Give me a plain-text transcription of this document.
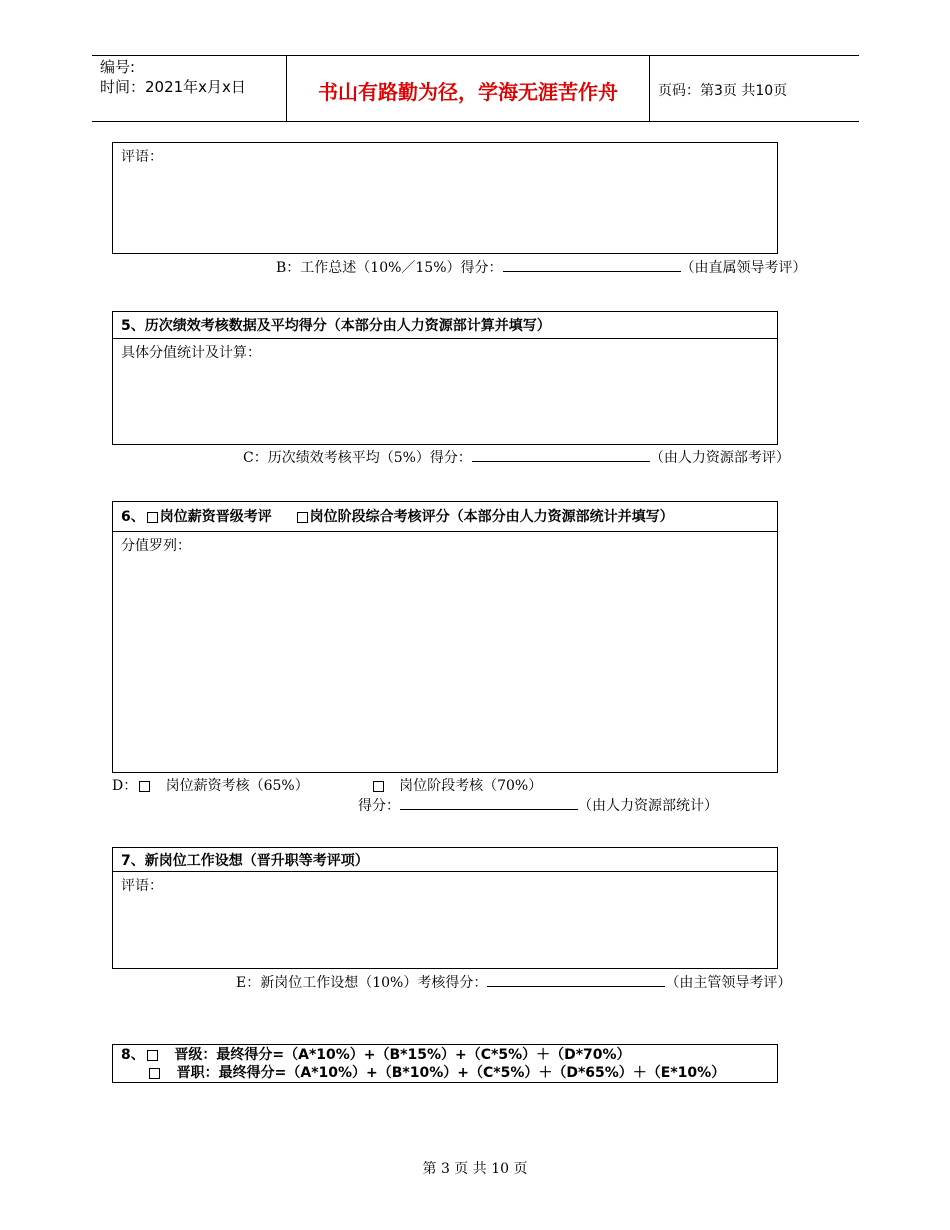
编号:
时间：2021年x月x日	书山有路勤为径，学海无涯苦作舟	页码：第3页 共10页
评语：
B：工作总述（10%／15%）得分：	（由直属领导考评）
5、历次绩效考核数据及平均得分（本部分由人力资源部计算并填写）
具体分值统计及计算：
C：历次绩效考核平均（5%）得分：	（由人力资源部考评）
6、 岗位薪资晋级考评	岗位阶段综合考核评分（本部分由人力资源部统计并填写）
分值罗列：
D： 岗位薪资考核（65%）	岗位阶段考核（70%）
得分：	（由人力资源部统计）
7、新岗位工作设想（晋升职等考评项）
评语：
E：新岗位工作设想（10%）考核得分：	（由主管领导考评）
8、 晋级：最终得分=（A*10%）+（B*15%）+（C*5%）＋（D*70%）
晋职：最终得分=（A*10%）+（B*10%）+（C*5%）＋（D*65%）＋（E*10%）
第 3 页 共 10 页
